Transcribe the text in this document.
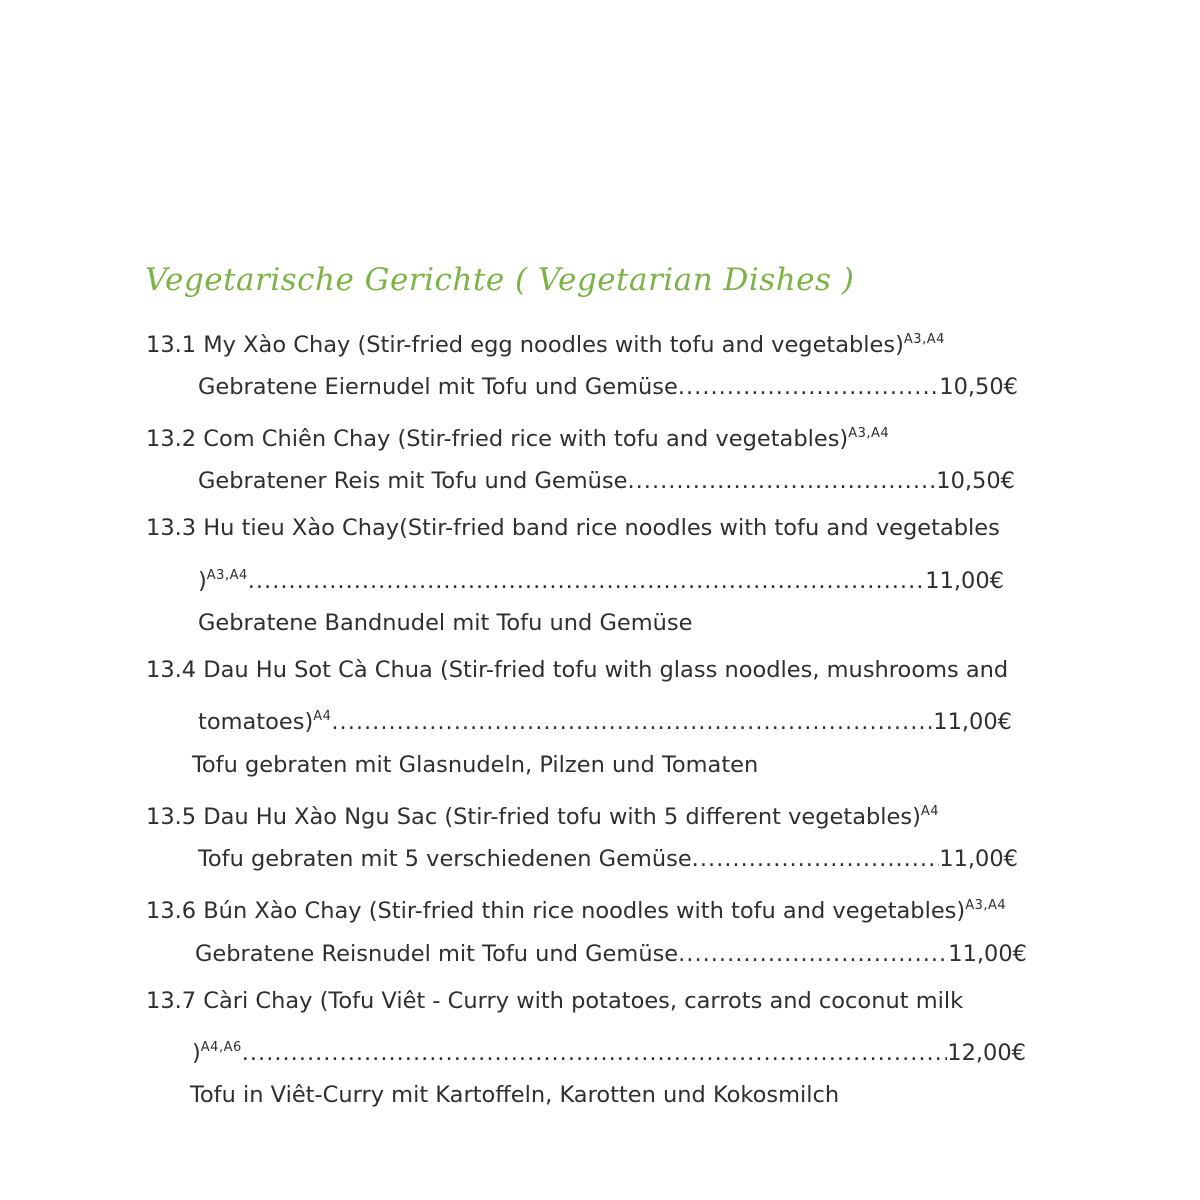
Vegetarische Gerichte ( Vegetarian Dishes )
13.1 My Xào Chay (Stir-fried egg noodles with tofu and vegetables)$^{A3,A4}$
Gebratene Eiernudel mit Tofu und Gemüse .....	10,50€
13.2 Com Chiên Chay (Stir-fried rice with tofu and vegetables)$^{A3,A4}$
Gebratener Reis mit Tofu und Gemüse .....	10,50€
13.3 Hu tieu Xào Chay(Stir-fried band rice noodles with tofu and vegetables
)$^{A3,A4}$ .....	11,00€
Gebratene Bandnudel mit Tofu und Gemüse
13.4 Dau Hu Sot Cà Chua (Stir-fried tofu with glass noodles, mushrooms and
tomatoes)$^{A4}$ .....	11,00€
Tofu gebraten mit Glasnudeln, Pilzen und Tomaten
13.5 Dau Hu Xào Ngu Sac (Stir-fried tofu with 5 different vegetables)$^{A4}$
Tofu gebraten mit 5 verschiedenen Gemüse .....	11,00€
13.6 Bún Xào Chay (Stir-fried thin rice noodles with tofu and vegetables)$^{A3,A4}$
Gebratene Reisnudel mit Tofu und Gemüse .....	11,00€
13.7 Càri Chay (Tofu Viêt - Curry with potatoes, carrots and coconut milk
)$^{A4,A6}$ .....	12,00€
Tofu in Viêt-Curry mit Kartoffeln, Karotten und Kokosmilch
